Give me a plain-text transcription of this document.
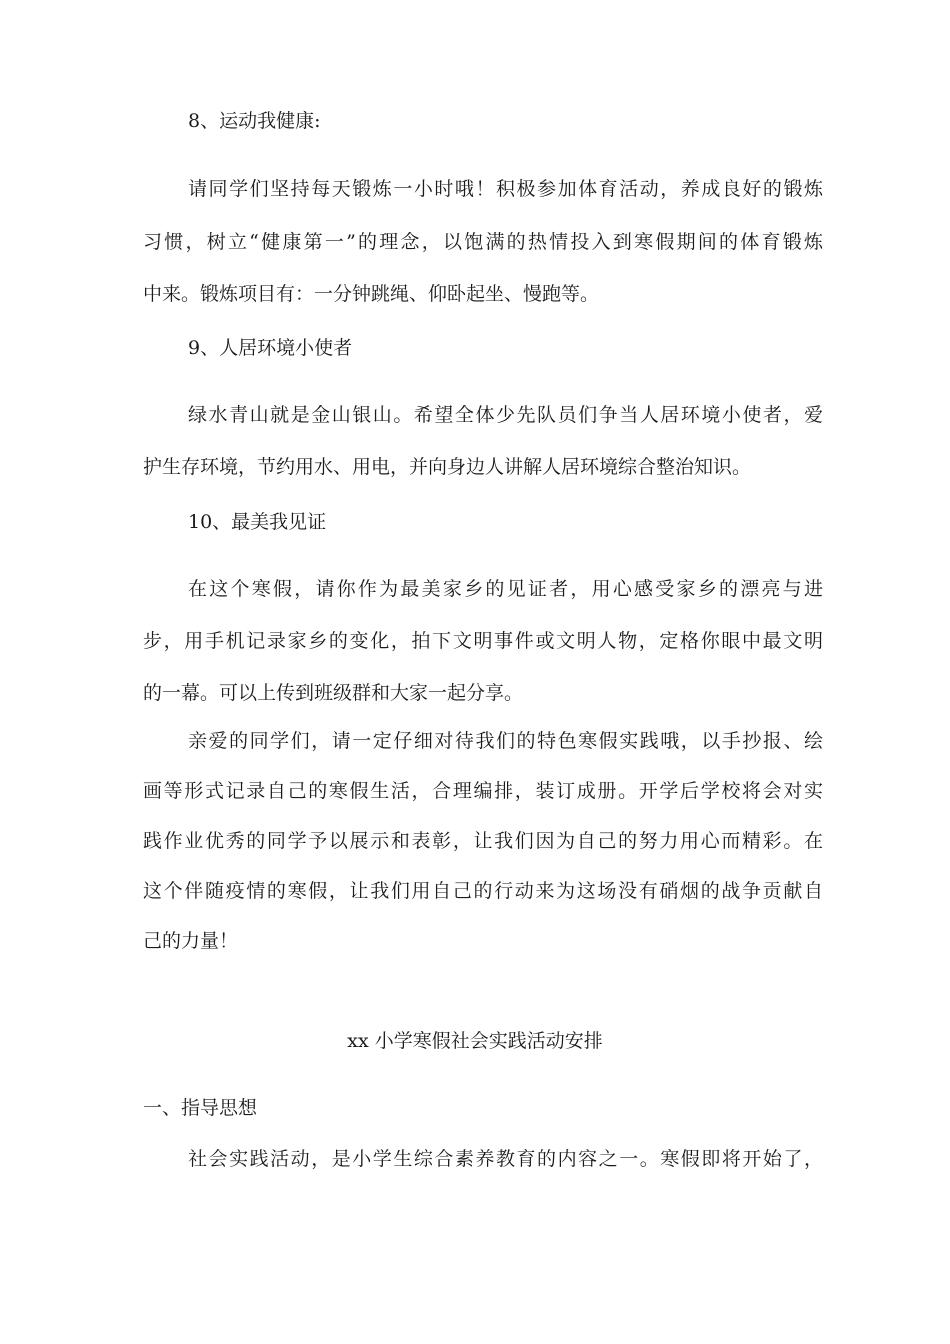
8、运动我健康:
请同学们坚持每天锻炼一小时哦！积极参加体育活动，养成良好的锻炼
习惯，树立“健康第一”的理念，以饱满的热情投入到寒假期间的体育锻炼
中来。锻炼项目有：一分钟跳绳、仰卧起坐、慢跑等。
9、人居环境小使者
绿水青山就是金山银山。希望全体少先队员们争当人居环境小使者，爱
护生存环境，节约用水、用电，并向身边人讲解人居环境综合整治知识。
10、最美我见证
在这个寒假，请你作为最美家乡的见证者，用心感受家乡的漂亮与进
步，用手机记录家乡的变化，拍下文明事件或文明人物，定格你眼中最文明
的一幕。可以上传到班级群和大家一起分享。
亲爱的同学们，请一定仔细对待我们的特色寒假实践哦，以手抄报、绘
画等形式记录自己的寒假生活，合理编排，装订成册。开学后学校将会对实
践作业优秀的同学予以展示和表彰，让我们因为自己的努力用心而精彩。在
这个伴随疫情的寒假，让我们用自己的行动来为这场没有硝烟的战争贡献自
己的力量！
xx 小学寒假社会实践活动安排
一、指导思想
社会实践活动，是小学生综合素养教育的内容之一。寒假即将开始了，
